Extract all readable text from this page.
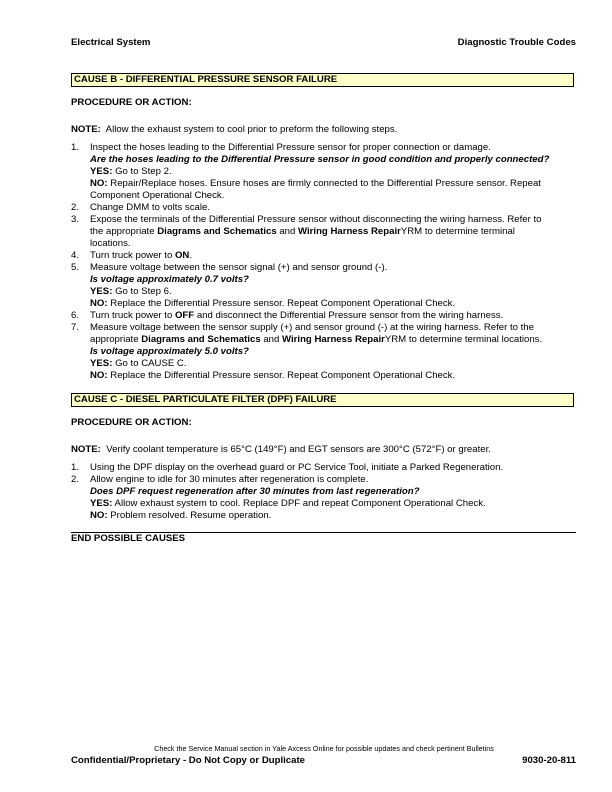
Electrical System	Diagnostic Trouble Codes
CAUSE B - DIFFERENTIAL PRESSURE SENSOR FAILURE
PROCEDURE OR ACTION:
NOTE: Allow the exhaust system to cool prior to preform the following steps.
1. Inspect the hoses leading to the Differential Pressure sensor for proper connection or damage.
Are the hoses leading to the Differential Pressure sensor in good condition and properly connected?
YES: Go to Step 2.
NO: Repair/Replace hoses. Ensure hoses are firmly connected to the Differential Pressure sensor. Repeat
Component Operational Check.
2. Change DMM to volts scale.
3. Expose the terminals of the Differential Pressure sensor without disconnecting the wiring harness. Refer to
the appropriate Diagrams and Schematics and Wiring Harness RepairYRM to determine terminal
locations.
4. Turn truck power to ON.
5. Measure voltage between the sensor signal (+) and sensor ground (-).
Is voltage approximately 0.7 volts?
YES: Go to Step 6.
NO: Replace the Differential Pressure sensor. Repeat Component Operational Check.
6. Turn truck power to OFF and disconnect the Differential Pressure sensor from the wiring harness.
7. Measure voltage between the sensor supply (+) and sensor ground (-) at the wiring harness. Refer to the
appropriate Diagrams and Schematics and Wiring Harness RepairYRM to determine terminal locations.
Is voltage approximately 5.0 volts?
YES: Go to CAUSE C.
NO: Replace the Differential Pressure sensor. Repeat Component Operational Check.
CAUSE C - DIESEL PARTICULATE FILTER (DPF) FAILURE
PROCEDURE OR ACTION:
NOTE: Verify coolant temperature is 65°C (149°F) and EGT sensors are 300°C (572°F) or greater.
1. Using the DPF display on the overhead guard or PC Service Tool, initiate a Parked Regeneration.
2. Allow engine to idle for 30 minutes after regeneration is complete.
Does DPF request regeneration after 30 minutes from last regeneration?
YES: Allow exhaust system to cool. Replace DPF and repeat Component Operational Check.
NO: Problem resolved. Resume operation.
END POSSIBLE CAUSES
Check the Service Manual section in Yale Axcess Online for possible updates and check pertinent Bulletins
Confidential/Proprietary - Do Not Copy or Duplicate	9030-20-811
